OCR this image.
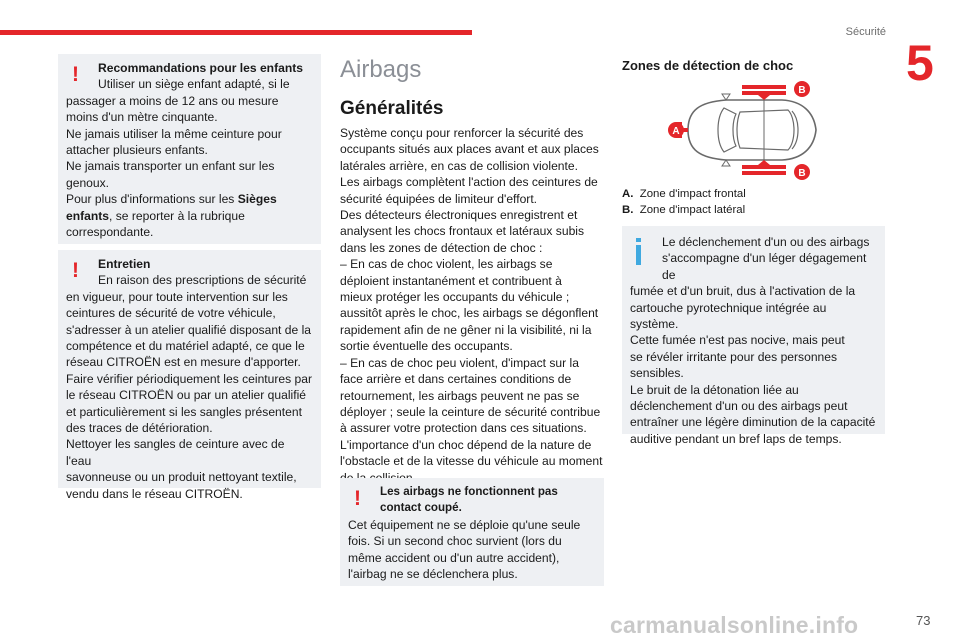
Sécurité
5
!	Recommandations pour les enfants

Utiliser un siège enfant adapté, si le

passager a moins de 12 ans ou mesure

moins d'un mètre cinquante.

Ne jamais utiliser la même ceinture pour

attacher plusieurs enfants.

Ne jamais transporter un enfant sur les

genoux.

Pour plus d'informations sur les Sièges

enfants, se reporter à la rubrique

correspondante.

!	Entretien

En raison des prescriptions de sécurité

en vigueur, pour toute intervention sur les

ceintures de sécurité de votre véhicule,

s'adresser à un atelier qualifié disposant de la

compétence et du matériel adapté, ce que le

réseau CITROËN est en mesure d'apporter.

Faire vérifier périodiquement les ceintures par

le réseau CITROËN ou par un atelier qualifié

et particulièrement si les sangles présentent

des traces de détérioration.

Nettoyer les sangles de ceinture avec de l'eau

savonneuse ou un produit nettoyant textile,

vendu dans le réseau CITROËN.

Airbags
Généralités

Système conçu pour renforcer la sécurité des

occupants situés aux places avant et aux places

latérales arrière, en cas de collision violente.

Les airbags complètent l'action des ceintures de

sécurité équipées de limiteur d'effort.

Des détecteurs électroniques enregistrent et

analysent les chocs frontaux et latéraux subis

dans les zones de détection de choc :

– En cas de choc violent, les airbags se

déploient instantanément et contribuent à

mieux protéger les occupants du véhicule ;

aussitôt après le choc, les airbags se dégonflent

rapidement afin de ne gêner ni la visibilité, ni la

sortie éventuelle des occupants.

– En cas de choc peu violent, d'impact sur la

face arrière et dans certaines conditions de

retournement, les airbags peuvent ne pas se

déployer ; seule la ceinture de sécurité contribue

à assurer votre protection dans ces situations.

L'importance d'un choc dépend de la nature de

l'obstacle et de la vitesse du véhicule au moment

!	Les airbags ne fonctionnent pas

contact coupé.

Cet équipement ne se déploie qu'une seule

fois. Si un second choc survient (lors du

même accident ou d'un autre accident),

l'airbag ne se déclenchera plus.

Zones de détection de choc
A
B
B

A. Zone d'impact frontal

B. Zone d'impact latéral

Le déclenchement d'un ou des airbags

s'accompagne d'un léger dégagement de

fumée et d'un bruit, dus à l'activation de la

cartouche pyrotechnique intégrée au

système.

Cette fumée n'est pas nocive, mais peut

se révéler irritante pour des personnes

sensibles.

Le bruit de la détonation liée au

déclenchement d'un ou des airbags peut

entraîner une légère diminution de la capacité

auditive pendant un bref laps de temps.

carmanualsonline.info	73
